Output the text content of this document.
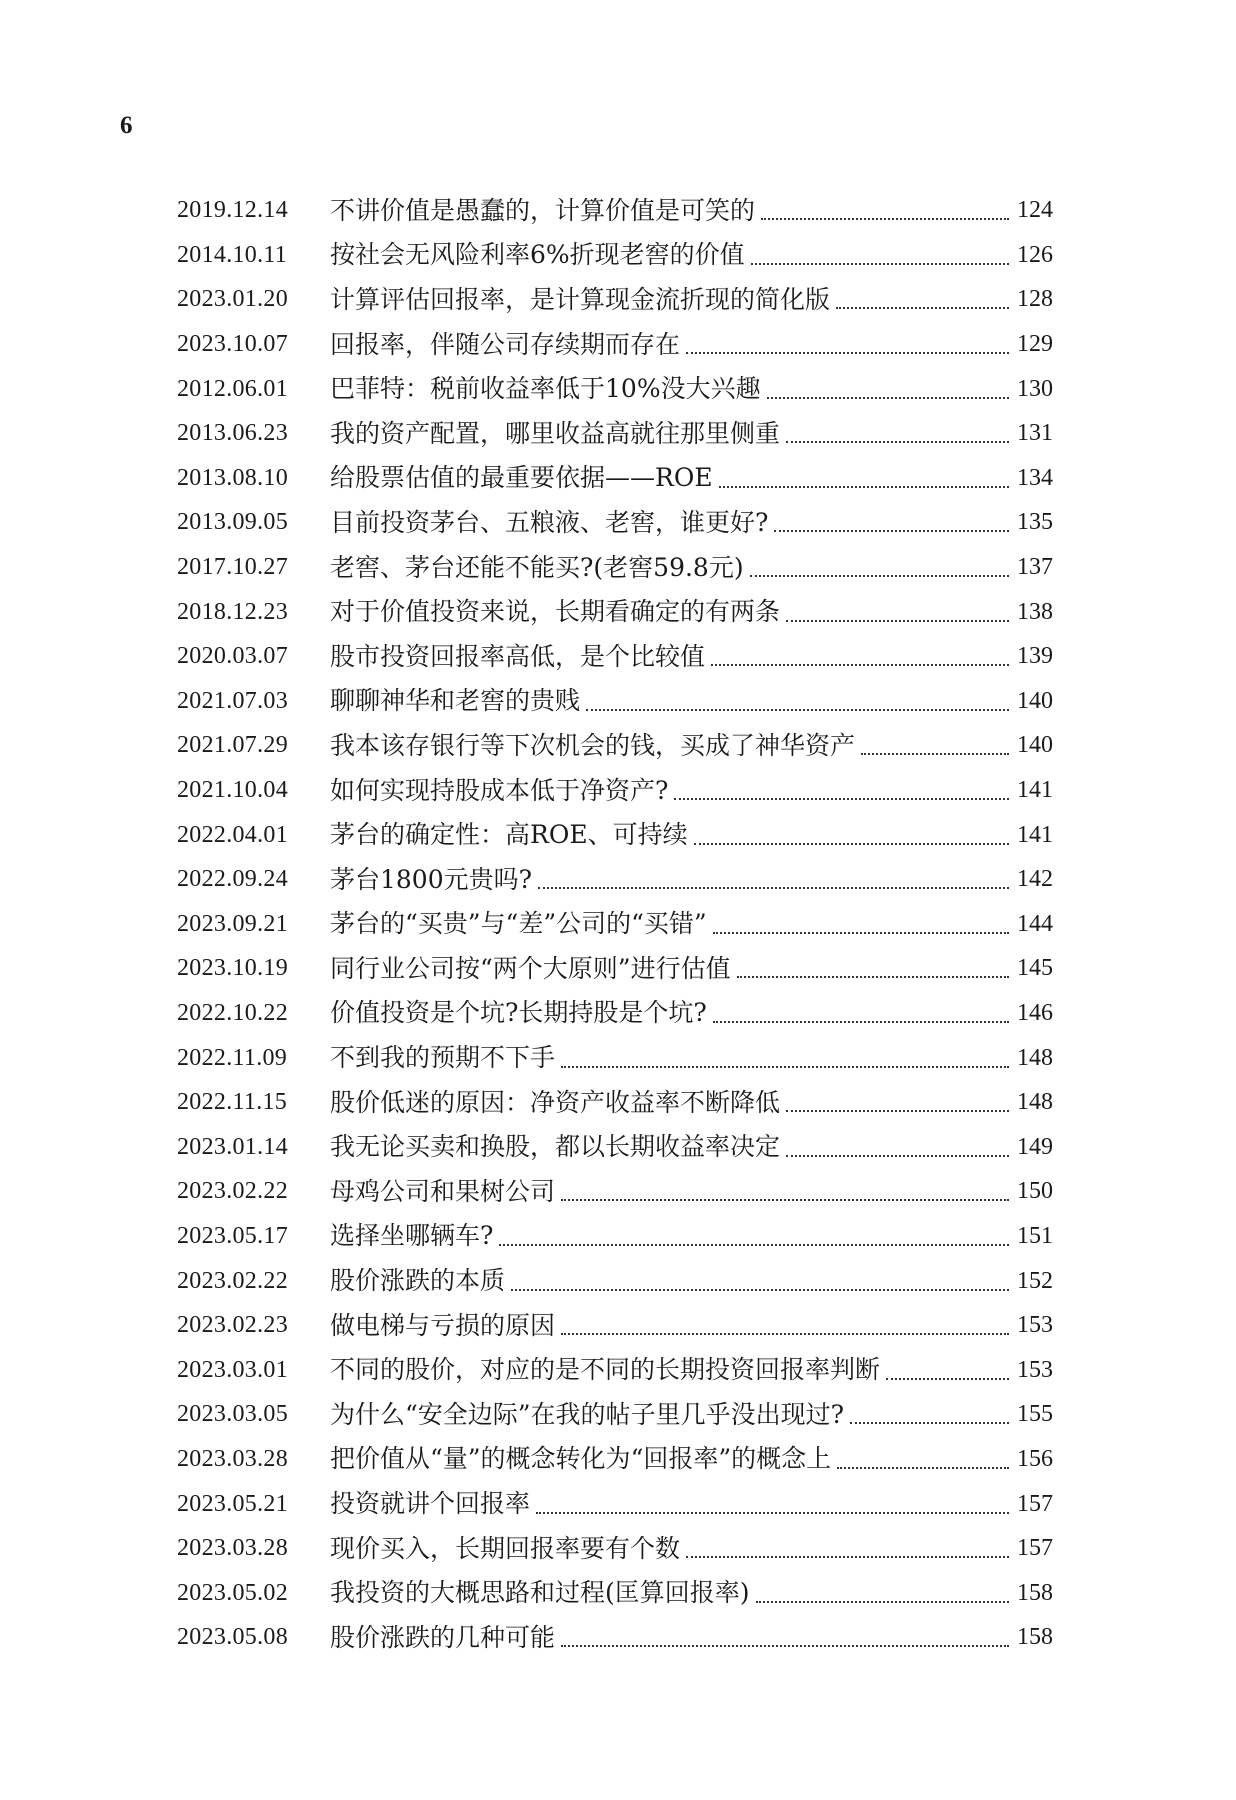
6
2019.12.14	不讲价值是愚蠢的，计算价值是可笑的	124
2014.10.11	按社会无风险利率6%折现老窖的价值	126
2023.01.20	计算评估回报率，是计算现金流折现的简化版	128
2023.10.07	回报率，伴随公司存续期而存在	129
2012.06.01	巴菲特：税前收益率低于10%没大兴趣	130
2013.06.23	我的资产配置，哪里收益高就往那里侧重	131
2013.08.10	给股票估值的最重要依据——ROE	134
2013.09.05	目前投资茅台、五粮液、老窖，谁更好?	135
2017.10.27	老窖、茅台还能不能买?(老窖59.8元)	137
2018.12.23	对于价值投资来说，长期看确定的有两条	138
2020.03.07	股市投资回报率高低，是个比较值	139
2021.07.03	聊聊神华和老窖的贵贱	140
2021.07.29	我本该存银行等下次机会的钱，买成了神华资产	140
2021.10.04	如何实现持股成本低于净资产?	141
2022.04.01	茅台的确定性：高ROE、可持续	141
2022.09.24	茅台1800元贵吗?	142
2023.09.21	茅台的“买贵”与“差”公司的“买错”	144
2023.10.19	同行业公司按“两个大原则”进行估值	145
2022.10.22	价值投资是个坑?长期持股是个坑?	146
2022.11.09	不到我的预期不下手	148
2022.11.15	股价低迷的原因：净资产收益率不断降低	148
2023.01.14	我无论买卖和换股，都以长期收益率决定	149
2023.02.22	母鸡公司和果树公司	150
2023.05.17	选择坐哪辆车?	151
2023.02.22	股价涨跌的本质	152
2023.02.23	做电梯与亏损的原因	153
2023.03.01	不同的股价，对应的是不同的长期投资回报率判断	153
2023.03.05	为什么“安全边际”在我的帖子里几乎没出现过?	155
2023.03.28	把价值从“量”的概念转化为“回报率”的概念上	156
2023.05.21	投资就讲个回报率	157
2023.03.28	现价买入，长期回报率要有个数	157
2023.05.02	我投资的大概思路和过程(匡算回报率)	158
2023.05.08	股价涨跌的几种可能	158
